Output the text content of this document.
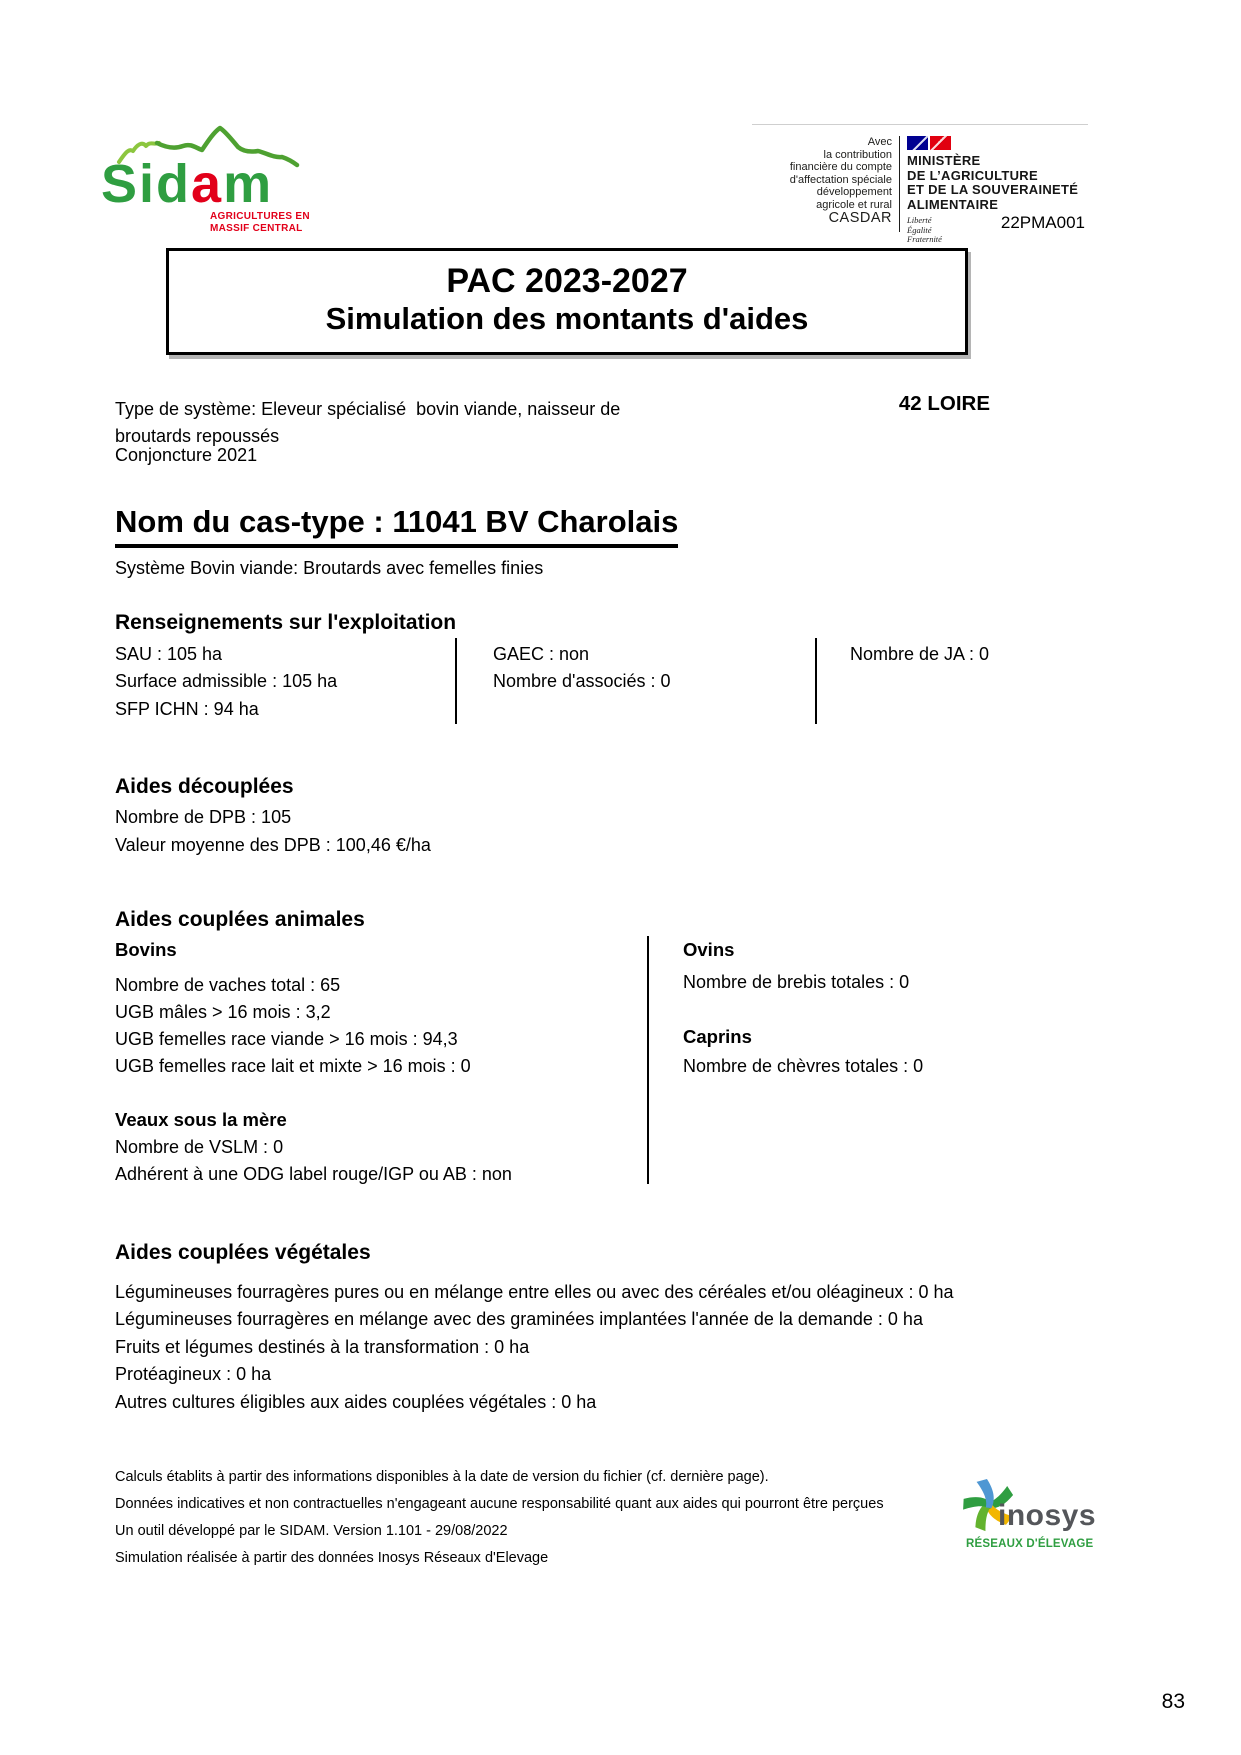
Sidam
AGRICULTURES EN
MASSIF CENTRAL
Avec
la contribution
financière du compte
d'affectation spéciale
développement
agricole et rural
CASDAR
MINISTÈRE
DE L’AGRICULTURE
ET DE LA SOUVERAINETÉ
ALIMENTAIRE
Liberté
Égalité
Fraternité
22PMA001
PAC 2023-2027
Simulation des montants d'aides
Type de système: Eleveur spécialisé  bovin viande, naisseur de broutards repoussés
Conjoncture 2021
42 LOIRE
Nom du cas-type : 11041 BV Charolais
Système Bovin viande: Broutards avec femelles finies
Renseignements sur l'exploitation
SAU : 105 ha
Surface admissible : 105 ha
SFP ICHN : 94 ha
GAEC : non
Nombre d'associés : 0
Nombre de JA : 0
Aides découplées
Nombre de DPB : 105
Valeur moyenne des DPB : 100,46 €/ha
Aides couplées animales
Bovins
Nombre de vaches total : 65
UGB mâles > 16 mois : 3,2
UGB femelles race viande > 16 mois : 94,3
UGB femelles race lait et mixte > 16 mois : 0
Ovins
Nombre de brebis totales : 0
Caprins
Nombre de chèvres totales : 0
Veaux sous la mère
Nombre de VSLM : 0
Adhérent à une ODG label rouge/IGP ou AB : non
Aides couplées végétales
Légumineuses fourragères pures ou en mélange entre elles ou avec des céréales et/ou oléagineux : 0 ha
Légumineuses fourragères en mélange avec des graminées implantées l'année de la demande : 0 ha
Fruits et légumes destinés à la transformation : 0 ha
Protéagineux : 0 ha
Autres cultures éligibles aux aides couplées végétales : 0 ha
Calculs établits à partir des informations disponibles à la date de version du fichier (cf. dernière page).
Données indicatives et non contractuelles n'engageant aucune responsabilité quant aux aides qui pourront être perçues
Un outil développé par le SIDAM. Version 1.101 - 29/08/2022
Simulation réalisée à partir des données Inosys Réseaux d'Elevage
inosys
RÉSEAUX D'ÉLEVAGE
83
